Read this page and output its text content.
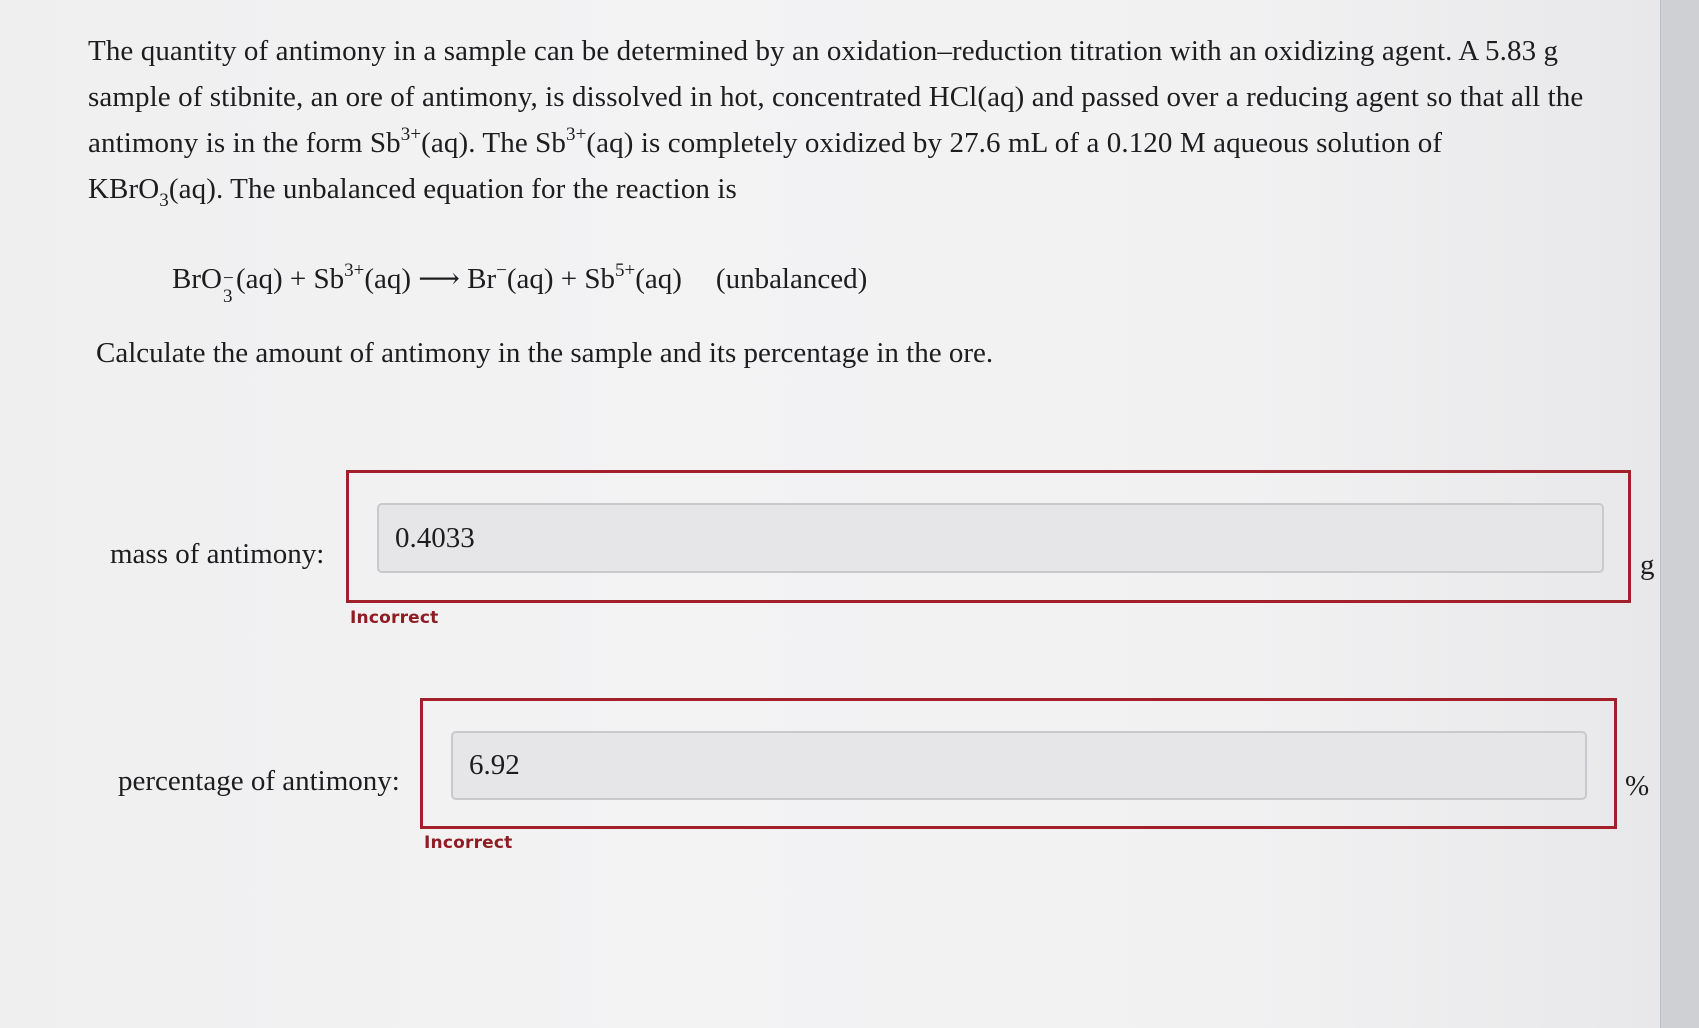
The quantity of antimony in a sample can be determined by an oxidation–reduction titration with an oxidizing agent. A 5.83 g

sample of stibnite, an ore of antimony, is dissolved in hot, concentrated HCl(aq) and passed over a reducing agent so that all the

antimony is in the form $Sb^{3+}(aq)$. The $Sb^{3+}(aq)$ is completely oxidized by 27.6 mL of a 0.120 M aqueous solution of

KBrO$_3$(aq). The unbalanced equation for the reaction is

BrO −
3
$(aq) + Sb^{3+}(aq)$ ⟶ $Br^-(aq) + Sb^{5+}(aq)$ (unbalanced)
Calculate the amount of antimony in the sample and its percentage in the ore.
mass of antimony:
0.4033	g
Incorrect
percentage of antimony:
6.92	%
Incorrect
